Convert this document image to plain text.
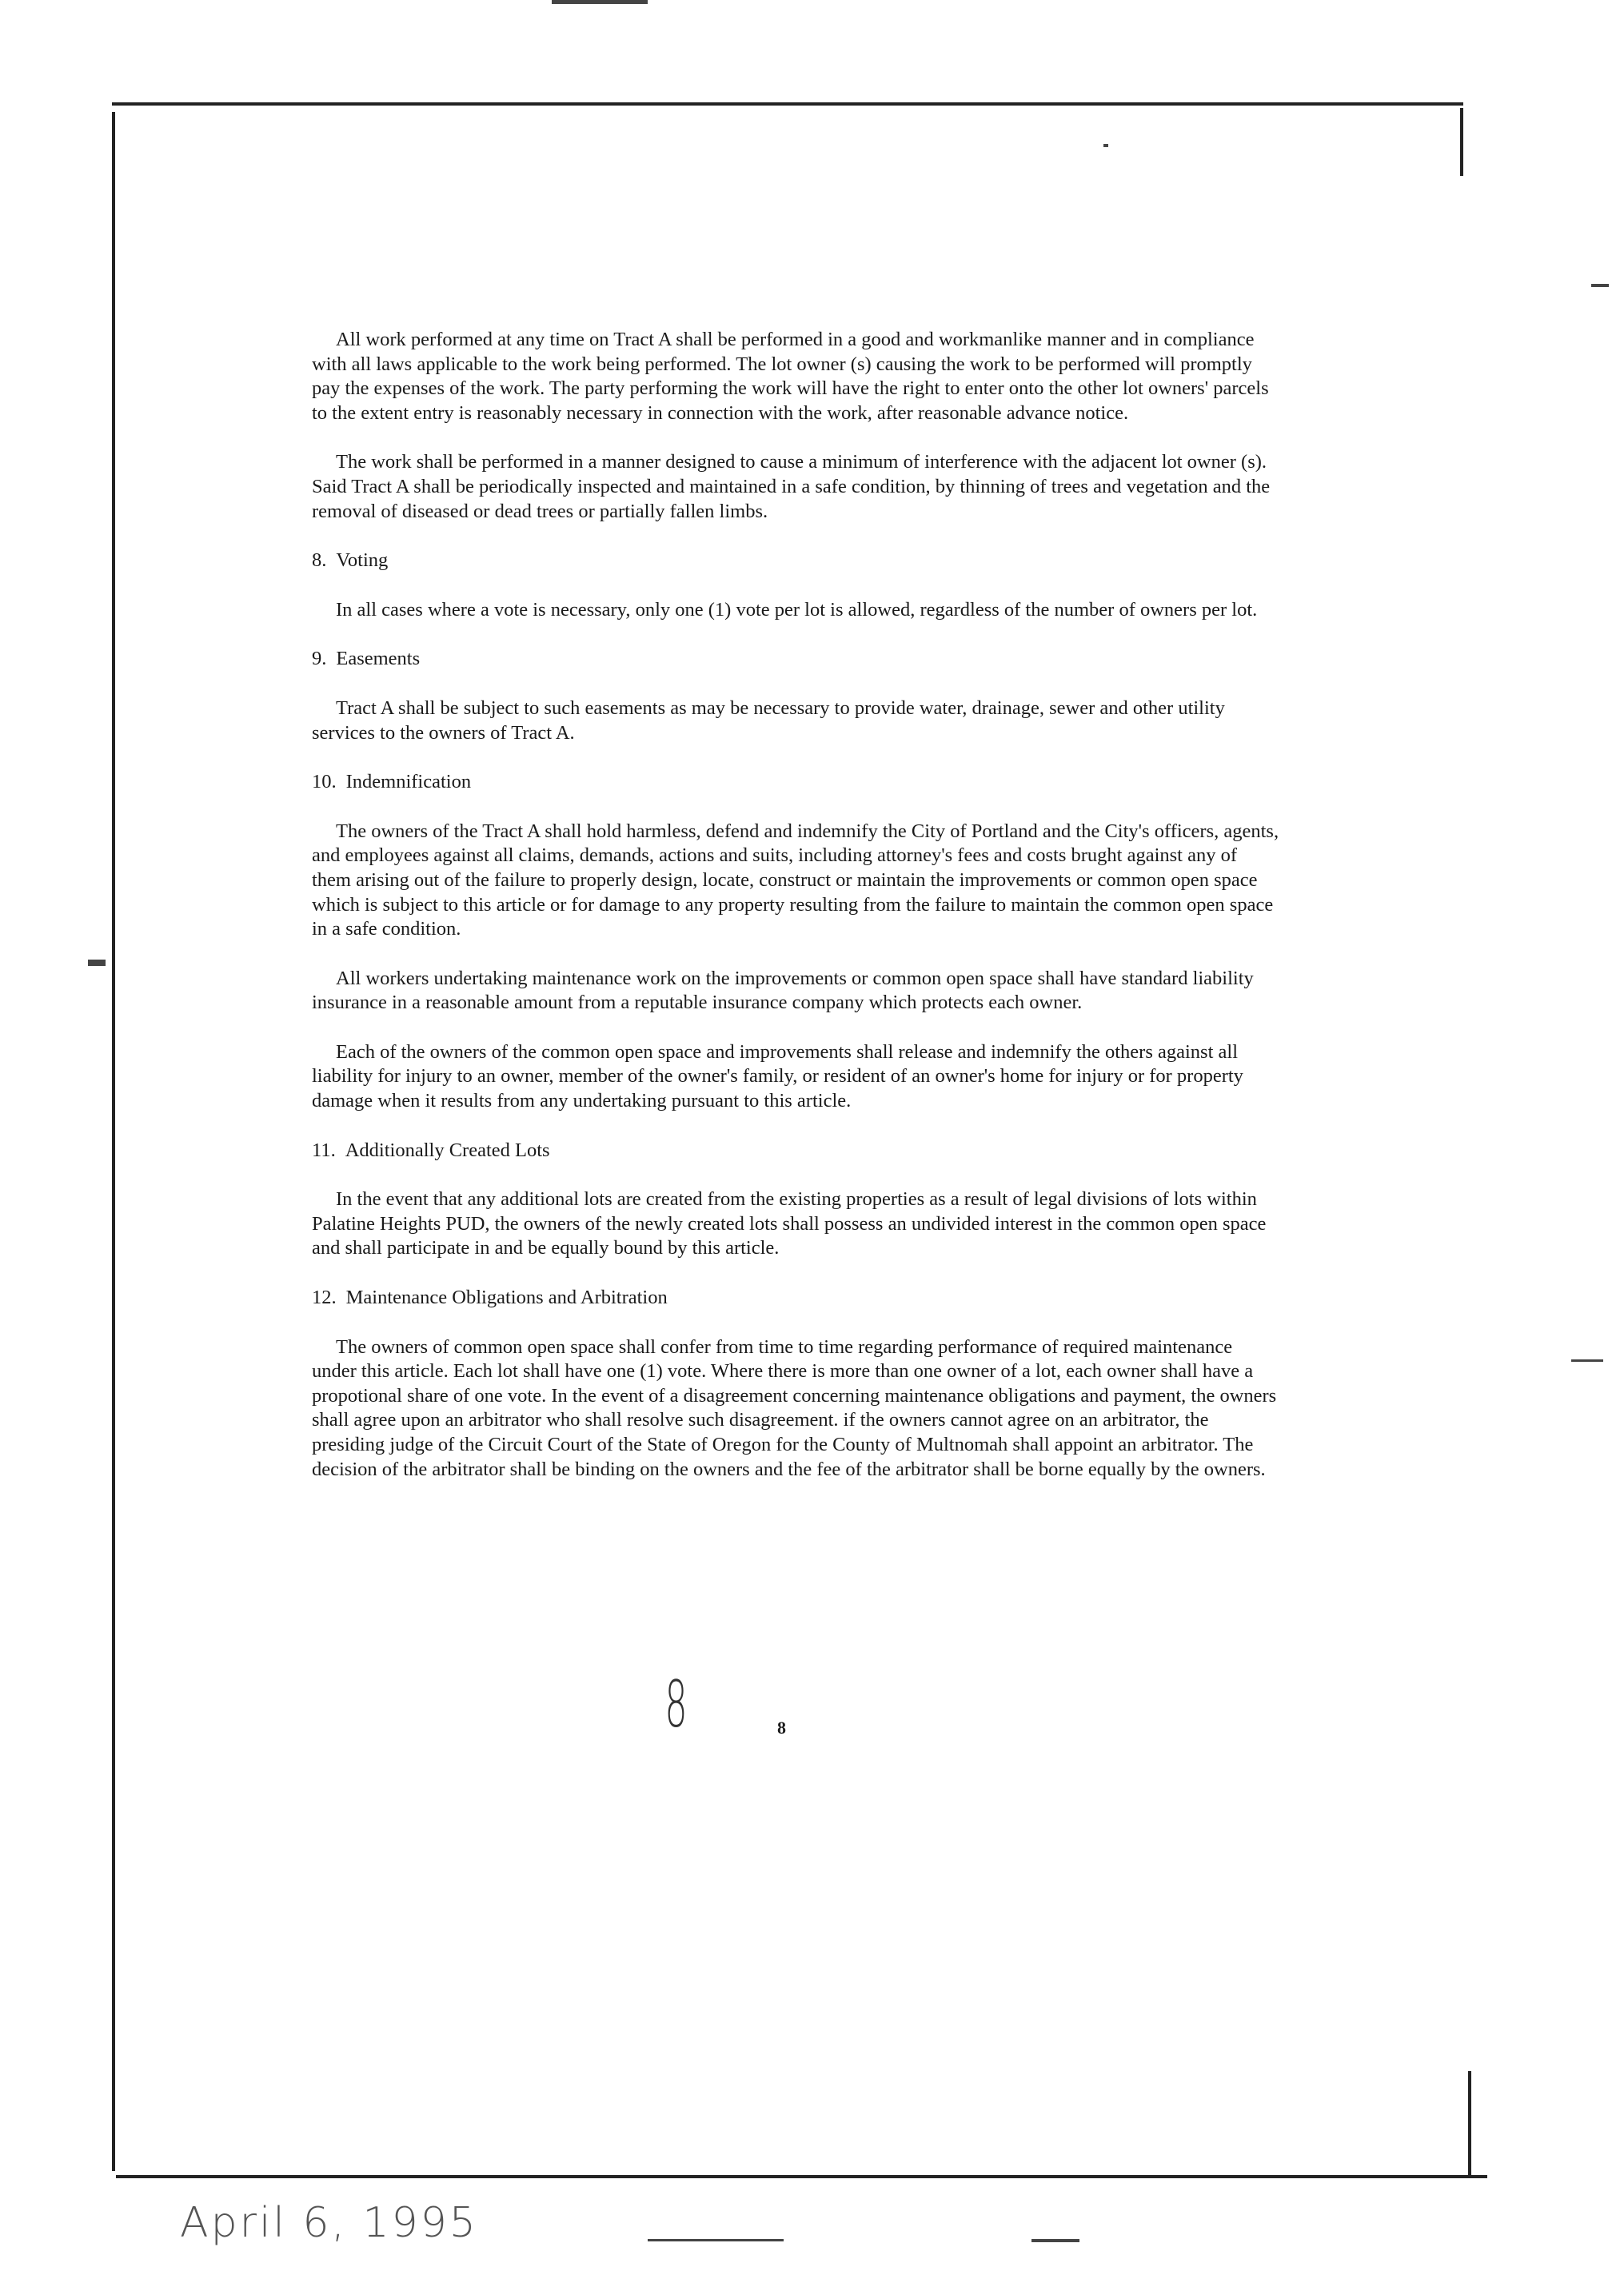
All work performed at any time on Tract A shall be performed in a good and workmanlike manner and in compliance with all laws applicable to the work being performed. The lot owner (s) causing the work to be performed will promptly pay the expenses of the work. The party performing the work will have the right to enter onto the other lot owners' parcels to the extent entry is reasonably necessary in connection with the work, after reasonable advance notice.

The work shall be performed in a manner designed to cause a minimum of interference with the adjacent lot owner (s). Said Tract A shall be periodically inspected and maintained in a safe condition, by thinning of trees and vegetation and the removal of diseased or dead trees or partially fallen limbs.

8. Voting

In all cases where a vote is necessary, only one (1) vote per lot is allowed, regardless of the number of owners per lot.

9. Easements

Tract A shall be subject to such easements as may be necessary to provide water, drainage, sewer and other utility services to the owners of Tract A.

10. Indemnification

The owners of the Tract A shall hold harmless, defend and indemnify the City of Portland and the City's officers, agents, and employees against all claims, demands, actions and suits, including attorney's fees and costs brught against any of them arising out of the failure to properly design, locate, construct or maintain the improvements or common open space which is subject to this article or for damage to any property resulting from the failure to maintain the common open space in a safe condition.

All workers undertaking maintenance work on the improvements or common open space shall have standard liability insurance in a reasonable amount from a reputable insurance company which protects each owner.

Each of the owners of the common open space and improvements shall release and indemnify the others against all liability for injury to an owner, member of the owner's family, or resident of an owner's home for injury or for property damage when it results from any undertaking pursuant to this article.

11. Additionally Created Lots

In the event that any additional lots are created from the existing properties as a result of legal divisions of lots within Palatine Heights PUD, the owners of the newly created lots shall possess an undivided interest in the common open space and shall participate in and be equally bound by this article.

12. Maintenance Obligations and Arbitration

The owners of common open space shall confer from time to time regarding performance of required maintenance under this article. Each lot shall have one (1) vote. Where there is more than one owner of a lot, each owner shall have a propotional share of one vote. In the event of a disagreement concerning maintenance obligations and payment, the owners shall agree upon an arbitrator who shall resolve such disagreement. if the owners cannot agree on an arbitrator, the presiding judge of the Circuit Court of the State of Oregon for the County of Multnomah shall appoint an arbitrator. The decision of the arbitrator shall be binding on the owners and the fee of the arbitrator shall be borne equally by the owners.

8	8
April 6, 1995
